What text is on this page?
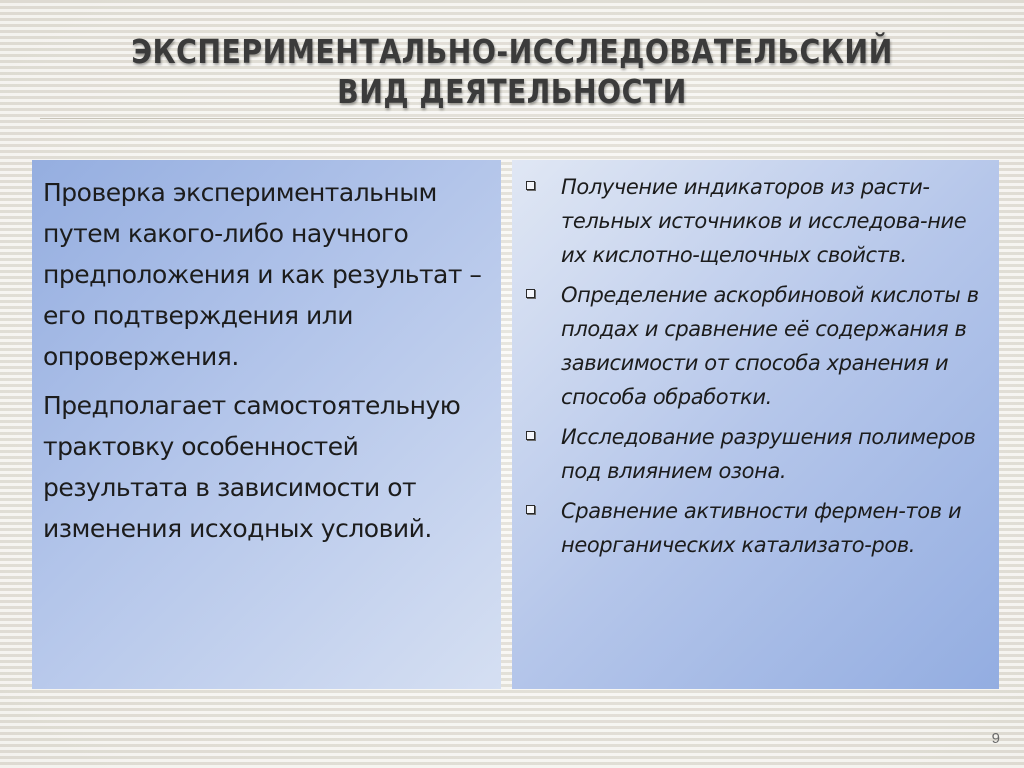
ЭКСПЕРИМЕНТАЛЬНО-ИССЛЕДОВАТЕЛЬСКИЙ ВИД ДЕЯТЕЛЬНОСТИ

Проверка экспериментальным путем какого-либо научного предположения и как результат – его подтверждения или опровержения.

Предполагает самостоятельную трактовку особенностей результата в зависимости от изменения исходных условий.

Получение индикаторов из расти-тельных источников и исследова-ние их кислотно-щелочных свойств.
Определение аскорбиновой кислоты в плодах и сравнение её содержания в зависимости от способа хранения и способа обработки.
Исследование разрушения полимеров под влиянием озона.
Сравнение активности фермен-тов и неорганических катализато-ров.
9
